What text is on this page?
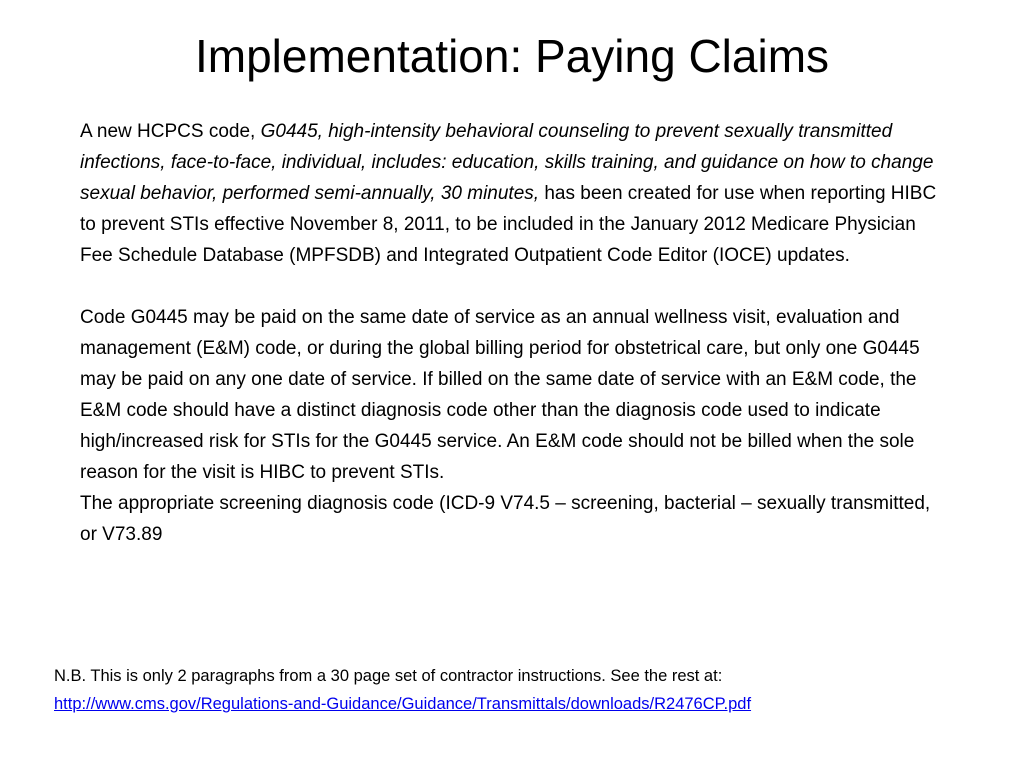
Implementation: Paying Claims

A new HCPCS code, G0445, high-intensity behavioral counseling to prevent sexually transmitted infections, face-to-face, individual, includes: education, skills training, and guidance on how to change sexual behavior, performed semi-annually, 30 minutes, has been created for use when reporting HIBC to prevent STIs effective November 8, 2011, to be included in the January 2012 Medicare Physician Fee Schedule Database (MPFSDB) and Integrated Outpatient Code Editor (IOCE) updates.

Code G0445 may be paid on the same date of service as an annual wellness visit, evaluation and management (E&M) code, or during the global billing period for obstetrical care, but only one G0445 may be paid on any one date of service. If billed on the same date of service with an E&M code, the E&M code should have a distinct diagnosis code other than the diagnosis code used to indicate high/increased risk for STIs for the G0445 service. An E&M code should not be billed when the sole reason for the visit is HIBC to prevent STIs.

The appropriate screening diagnosis code (ICD-9 V74.5 – screening, bacterial – sexually transmitted, or V73.89

N.B. This is only 2 paragraphs from a 30 page set of contractor instructions. See the rest at:
http://www.cms.gov/Regulations-and-Guidance/Guidance/Transmittals/downloads/R2476CP.pdf
